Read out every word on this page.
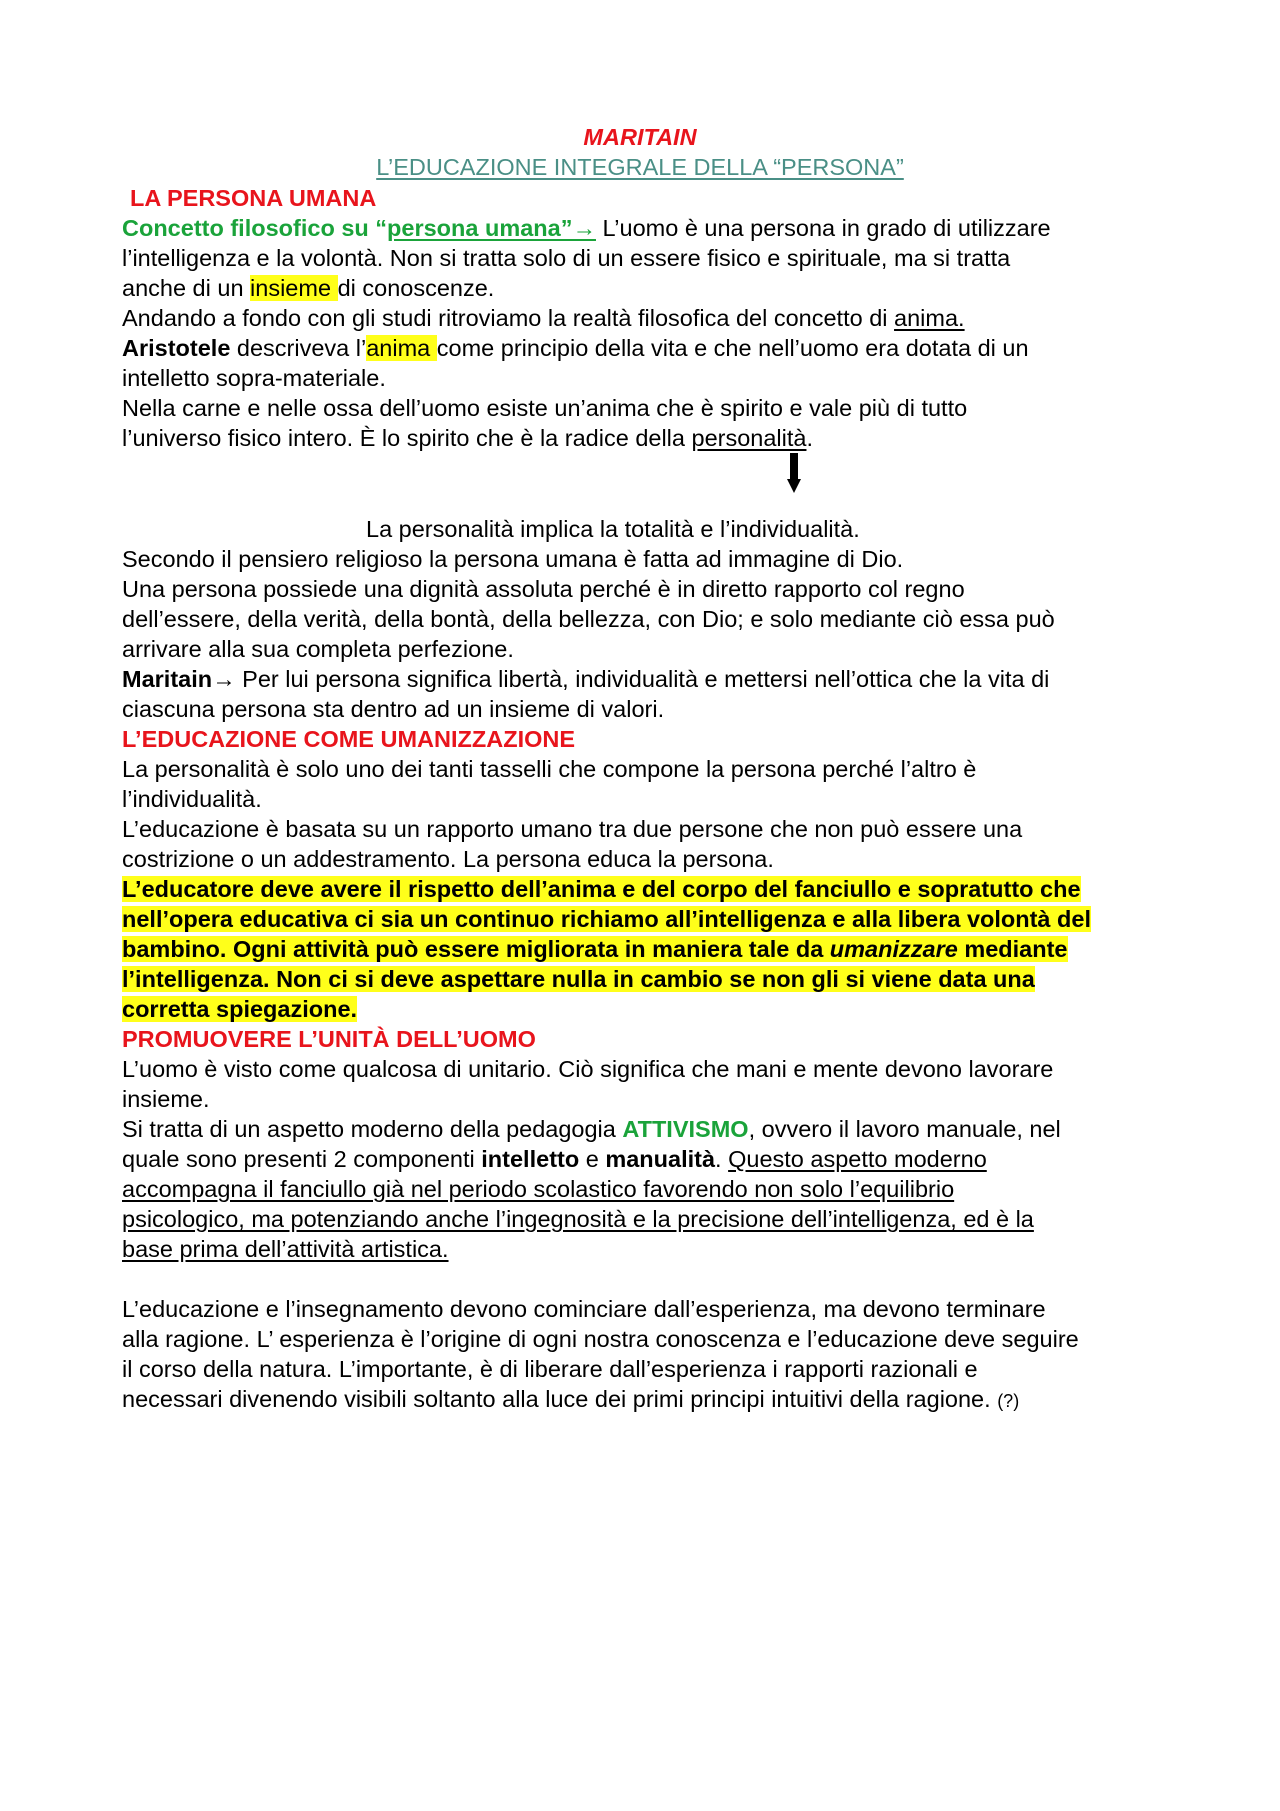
MARITAIN
L’EDUCAZIONE INTEGRALE DELLA “PERSONA”
LA PERSONA UMANA
Concetto filosofico su “persona umana”→ L’uomo è una persona in grado di utilizzare
l’intelligenza e la volontà. Non si tratta solo di un essere fisico e spirituale, ma si tratta
anche di un insieme di conoscenze.
Andando a fondo con gli studi ritroviamo la realtà filosofica del concetto di anima.
Aristotele descriveva l’anima come principio della vita e che nell’uomo era dotata di un
intelletto sopra-materiale.
Nella carne e nelle ossa dell’uomo esiste un’anima che è spirito e vale più di tutto
l’universo fisico intero. È lo spirito che è la radice della personalità.
La personalità implica la totalità e l’individualità.
Secondo il pensiero religioso la persona umana è fatta ad immagine di Dio.
Una persona possiede una dignità assoluta perché è in diretto rapporto col regno
dell’essere, della verità, della bontà, della bellezza, con Dio; e solo mediante ciò essa può
arrivare alla sua completa perfezione.
Maritain→ Per lui persona significa libertà, individualità e mettersi nell’ottica che la vita di
ciascuna persona sta dentro ad un insieme di valori.
L’EDUCAZIONE COME UMANIZZAZIONE
La personalità è solo uno dei tanti tasselli che compone la persona perché l’altro è
l’individualità.
L’educazione è basata su un rapporto umano tra due persone che non può essere una
costrizione o un addestramento. La persona educa la persona.
L’educatore deve avere il rispetto dell’anima e del corpo del fanciullo e sopratutto che
nell’opera educativa ci sia un continuo richiamo all’intelligenza e alla libera volontà del
bambino. Ogni attività può essere migliorata in maniera tale da umanizzare mediante
l’intelligenza. Non ci si deve aspettare nulla in cambio se non gli si viene data una
corretta spiegazione.
PROMUOVERE L’UNITÀ DELL’UOMO
L’uomo è visto come qualcosa di unitario. Ciò significa che mani e mente devono lavorare
insieme.
Si tratta di un aspetto moderno della pedagogia ATTIVISMO, ovvero il lavoro manuale, nel
quale sono presenti 2 componenti intelletto e manualità. Questo aspetto moderno
accompagna il fanciullo già nel periodo scolastico favorendo non solo l’equilibrio
psicologico, ma potenziando anche l’ingegnosità e la precisione dell’intelligenza, ed è la
base prima dell’attività artistica.
L’educazione e l’insegnamento devono cominciare dall’esperienza, ma devono terminare
alla ragione. L’ esperienza è l’origine di ogni nostra conoscenza e l’educazione deve seguire
il corso della natura. L’importante, è di liberare dall’esperienza i rapporti razionali e
necessari divenendo visibili soltanto alla luce dei primi principi intuitivi della ragione. (?)
